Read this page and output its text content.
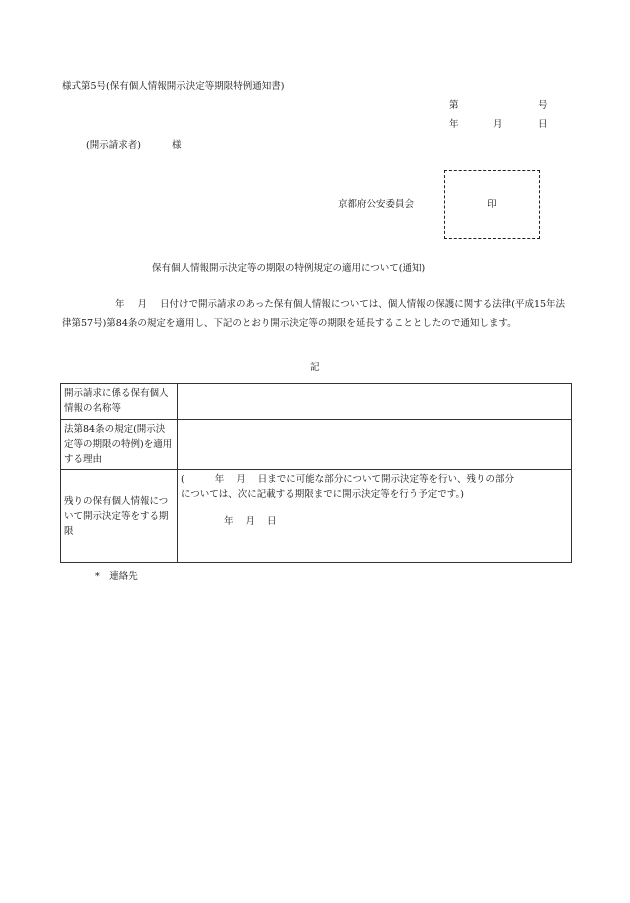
様式第5号(保有個人情報開示決定等期限特例通知書)
第	号
年	月	日
(開示請求者)	様
京都府公安委員会	印
保有個人情報開示決定等の期限の特例規定の適用について(通知)
年 月 日付けで開示請求のあった保有個人情報については、個人情報の保護に関する法律(平成15年法律第57号)第84条の規定を適用し、下記のとおり開示決定等の期限を延長することとしたので通知します。
記
開示請求に係る保有個人情報の名称等	
法第84条の規定(開示決定等の期限の特例)を適用する理由	
残りの保有個人情報について開示決定等をする期限	( 年 月 日までに可能な部分について開示決定等を行い、残りの部分
については、次に記載する期限までに開示決定等を行う予定です。)
年 月 日
*　連絡先
